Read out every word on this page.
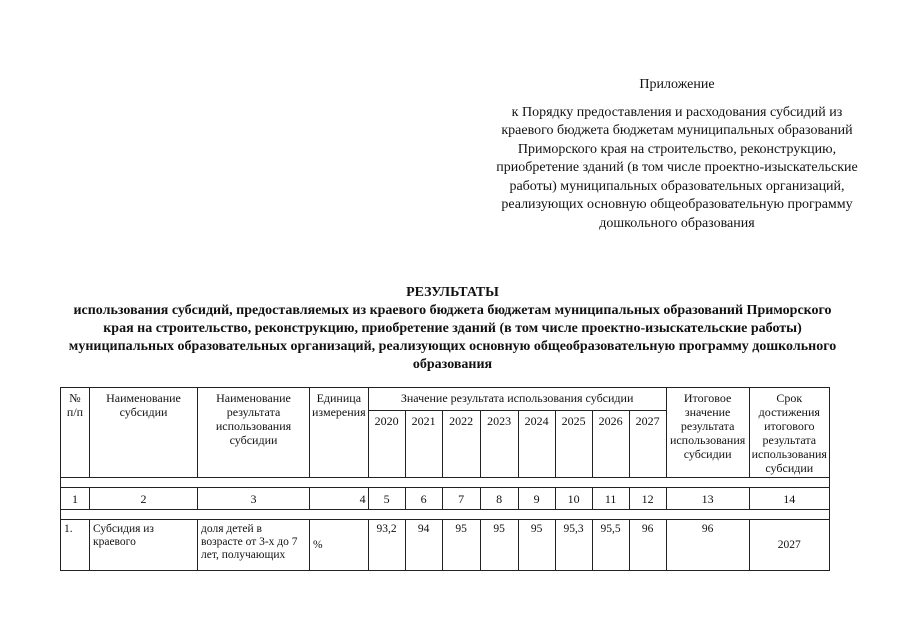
Приложение
к Порядку предоставления и расходования субсидий из краевого бюджета бюджетам муниципальных образований Приморского края на строительство, реконструкцию, приобретение зданий (в том числе проектно-изыскательские работы) муниципальных образовательных организаций, реализующих основную общеобразовательную программу дошкольного образования
РЕЗУЛЬТАТЫ
использования субсидий, предоставляемых из краевого бюджета бюджетам муниципальных образований Приморского края на строительство, реконструкцию, приобретение зданий (в том числе проектно-изыскательские работы) муниципальных образовательных организаций, реализующих основную общеобразовательную программу дошкольного образования
№ п/п	Наименование субсидии	Наименование результата использования субсидии	Единица измерения	Значение результата использования субсидии								Итоговое значение результата использования субсидии	Срок достижения итогового результата использования субсидии
				2020	2021	2022	2023	2024	2025	2026	2027		

1	2	3	4	5	6	7	8	9	10	11	12	13	14

1.	Субсидия из краевого	доля детей в возрасте от 3-х до 7 лет, получающих	%	93,2	94	95	95	95	95,3	95,5	96	96	2027
